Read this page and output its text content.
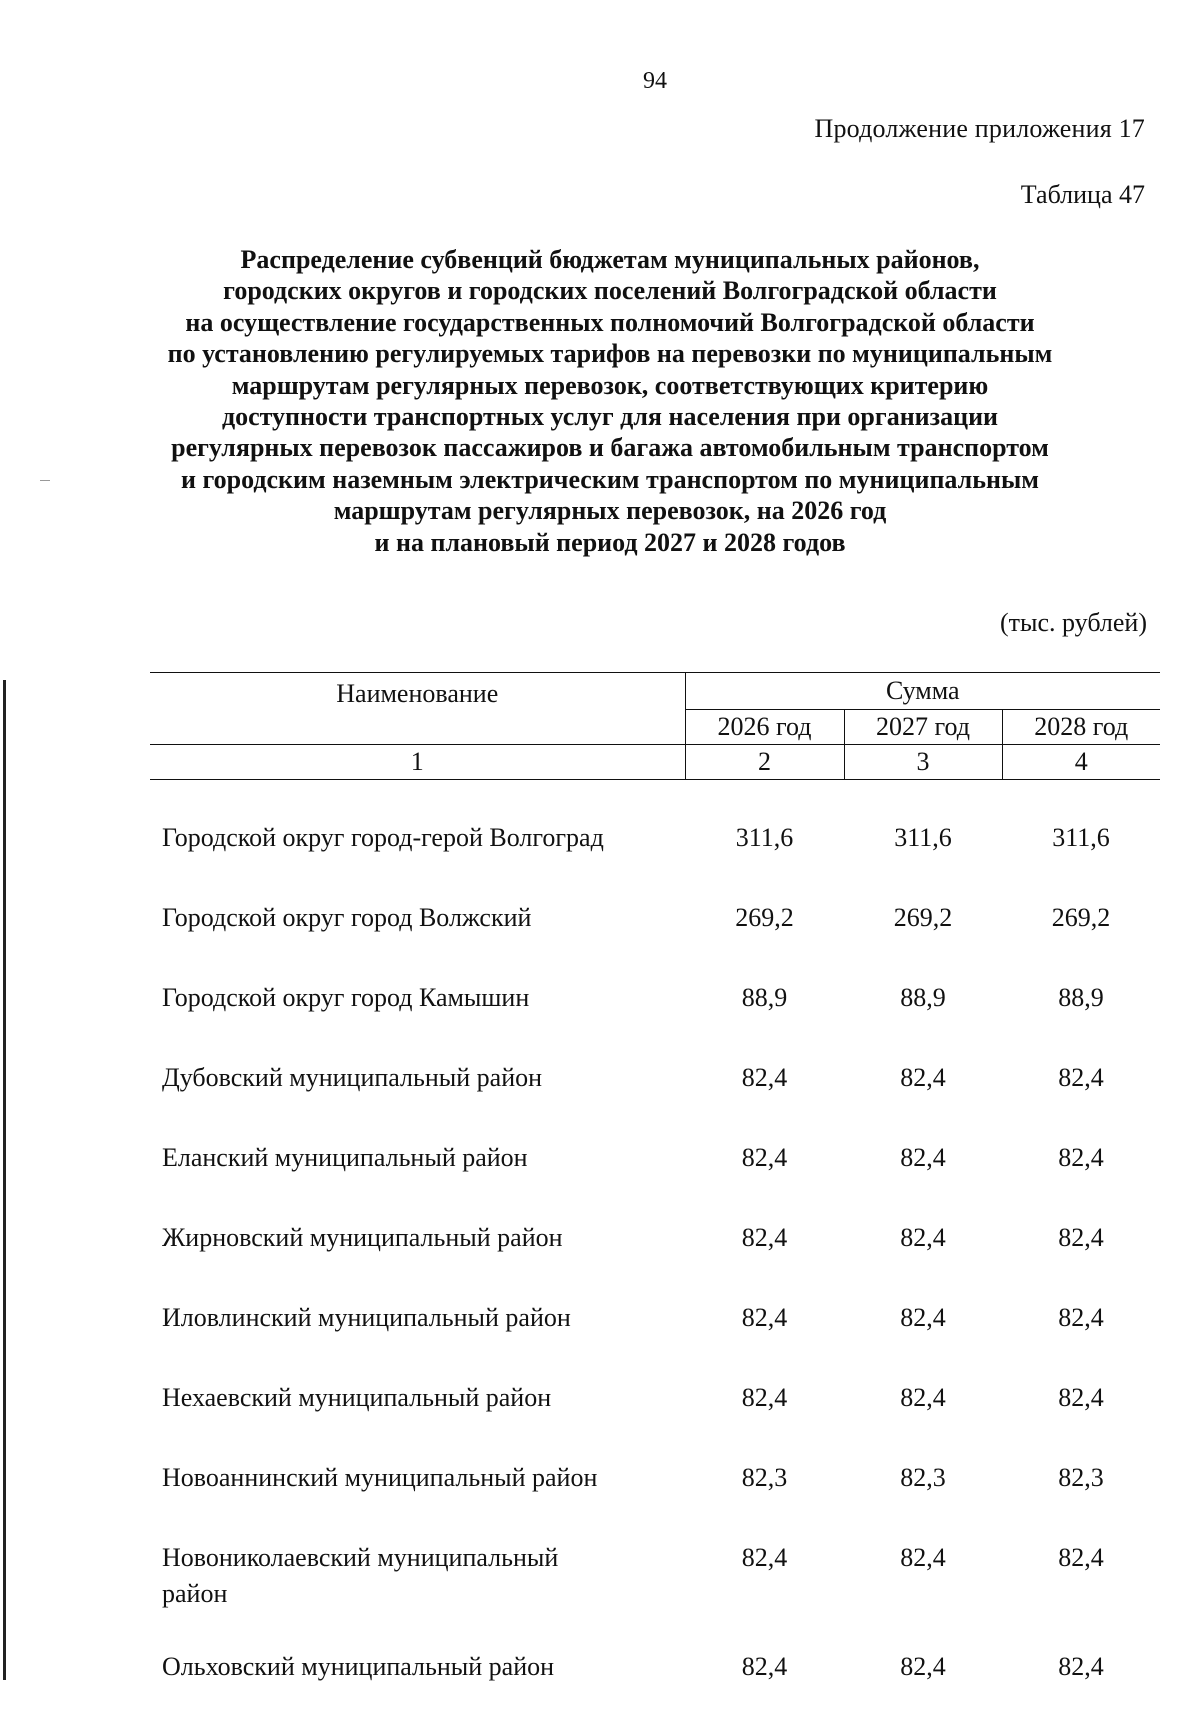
94
Продолжение приложения 17
Таблица 47
Распределение субвенций бюджетам муниципальных районов,
городских округов и городских поселений Волгоградской области
на осуществление государственных полномочий Волгоградской области
по установлению регулируемых тарифов на перевозки по муниципальным
маршрутам регулярных перевозок, соответствующих критерию
доступности транспортных услуг для населения при организации
регулярных перевозок пассажиров и багажа автомобильным транспортом
и городским наземным электрическим транспортом по муниципальным
маршрутам регулярных перевозок, на 2026 год
и на плановый период 2027 и 2028 годов
(тыс. рублей)
Наименование	Сумма		
	2026 год	2027 год	2028 год
1	2	3	4

Городской округ город-герой Волгоград	311,6	311,6	311,6
Городской округ город Волжский	269,2	269,2	269,2
Городской округ город Камышин	88,9	88,9	88,9
Дубовский муниципальный район	82,4	82,4	82,4
Еланский муниципальный район	82,4	82,4	82,4
Жирновский муниципальный район	82,4	82,4	82,4
Иловлинский муниципальный район	82,4	82,4	82,4
Нехаевский муниципальный район	82,4	82,4	82,4
Новоаннинский муниципальный район	82,3	82,3	82,3
Новониколаевский муниципальный
район	82,4	82,4	82,4
Ольховский муниципальный район	82,4	82,4	82,4
